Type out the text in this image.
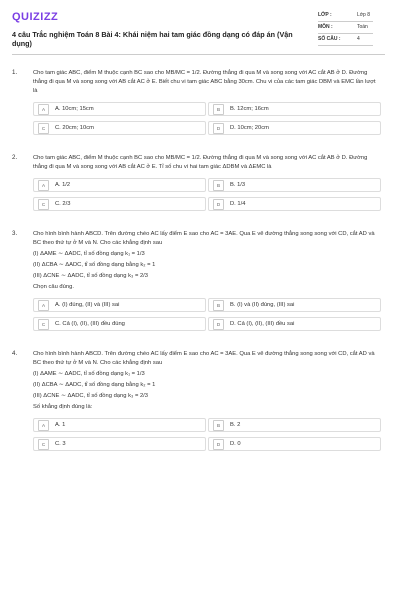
QUIZIZZ
4 câu Trắc nghiệm Toán 8 Bài 4: Khái niệm hai tam giác đồng dạng có đáp án (Vận dụng)
LỚP :	Lớp 8
MÔN :	Toán
SỐ CÂU :	4
1.	Cho tam giác ABC, điểm M thuộc cạnh BC sao cho MB/MC = 1/2. Đường thẳng đi qua M và song song với AC cắt AB ở D. Đường thẳng đi qua M và song song với AB cắt AC ở E. Biết chu vi tam giác ABC bằng 30cm. Chu vi của các tam giác DBM và EMC lần lượt là
A	A. 10cm; 15cm	B	B. 12cm; 16cm
C	C. 20cm; 10cm	D	D. 10cm; 20cm
2.	Cho tam giác ABC, điểm M thuộc cạnh BC sao cho MB/MC = 1/2. Đường thẳng đi qua M và song song với AC cắt AB ở D. Đường thẳng đi qua M và song song với AB cắt AC ở E. Tỉ số chu vi hai tam giác ΔDBM và ΔEMC là
A	A. 1/2	B	B. 1/3
C	C. 2/3	D	D. 1/4
3.	Cho hình bình hành ABCD. Trên đường chéo AC lấy điểm E sao cho AC = 3AE. Qua E vẽ đường thẳng song song với CD, cắt AD và BC theo thứ tự ở M và N. Cho các khẳng định sau
(I) ΔAME ∼ ΔADC, tỉ số đồng dạng k₁ = 1/3
(II) ΔCBA ∼ ΔADC, tỉ số đồng dạng bằng k₂ = 1
(III) ΔCNE ∼ ΔADC, tỉ số đồng dạng k₃ = 2/3
Chọn câu đúng.
A	A. (I) đúng, (II) và (III) sai	B	B. (I) và (II) đúng, (III) sai
C	C. Cả (I), (II), (III) đều đúng	D	D. Cả (I), (II), (III) đều sai
4.	Cho hình bình hành ABCD. Trên đường chéo AC lấy điểm E sao cho AC = 3AE. Qua E vẽ đường thẳng song song với CD, cắt AD và BC theo thứ tự ở M và N. Cho các khẳng định sau
(I) ΔAME ∼ ΔADC, tỉ số đồng dạng k₁ = 1/3
(II) ΔCBA ∼ ΔADC, tỉ số đồng dạng bằng k₂ = 1
(III) ΔCNE ∼ ΔADC, tỉ số đồng dạng k₃ = 2/3
Số khẳng định đúng là:
A	A. 1	B	B. 2
C	C. 3	D	D. 0
